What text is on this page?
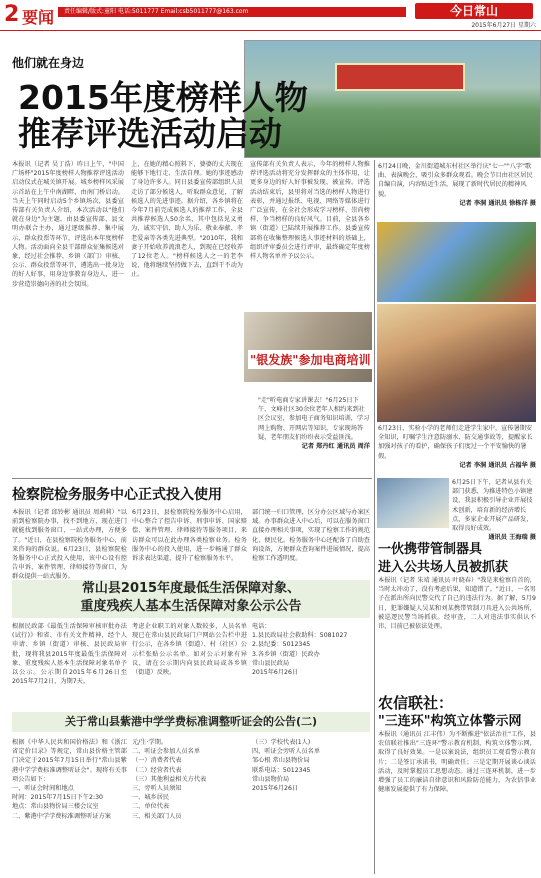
2 要闻 责任编辑/版式:童阳 电话:5011777 Email:csb5011777@163.com	今日常山
2015年6月27日 星期六
他们就在身边
2015年度榜样人物
推荐评选活动启动
本报讯（记者 吴丁浩）昨日上午，"中国广场杯"2015年度榜样人物推荐评选活动启动仪式在城关镇开展。城乡榜样风采展示首站在上午中南湖畔，由南门桥启动。当天上午同时启动5个乡镇场次，县委宣传部有关负责人介绍，本次活动以"他们就在身边"为主题，由县委宣传部、县文明办联合主办，通过逐级推荐、集中展示、群众投票等环节，评选出本年度榜样人物。活动面向全县干部群众征集候选对象，经过社会推荐、乡镇（部门）审核、公示、群众投票等环节，遴选出一批身边的好人好事，用身边事教育身边人，进一步营造崇德向善的社会氛围。
上，在她的精心照料下，婆婆的丈夫现在能够下地行走、生活自理。她的事迹感动了身边许多人。同日县委宣传部组织人员走访了部分候选人，听取群众意见，了解候选人的先进事迹。据介绍，各乡镇将在今年7月前完成候选人的推荐工作，全县共推荐候选人50余名，其中包括见义勇为、诚实守信、助人为乐、敬业奉献、孝老爱亲等各类先进典型。"2010年，我和妻子开始收养流浪老人，到现在已经收养了12位老人。"榜样候选人之一的老李说，他将继续坚持做下去，直到干不动为止。
宣传部有关负责人表示，今年的榜样人物推荐评选活动将充分发挥群众的主体作用，让更多身边的好人好事被发现、被宣传。评选活动结束后，县里将对当选的榜样人物进行表彰，并通过报纸、电视、网络等媒体进行广泛宣传，在全社会形成学习榜样、崇尚榜样、争当榜样的良好风气。目前，全县各乡镇（街道）已陆续开展推荐工作。县委宣传部将在收集整理候选人事迹材料的基础上，组织评审委员会进行评审，最终确定年度榜样人物名单并予以公示。
6月24日晚，金川街道城东村社区举行庆"七一""八字"歌曲、表演晚会，吸引众多群众观看。晚会节目由社区居民自编自演，内容贴近生活，展现了新时代居民的精神风貌。
记者 李洞 通讯员 徐栋洋 摄
"银发族"参加电商培训
"走"听电商专家讲课去！"6月25日下午，文峰社区30余位老年人相约来到社区会议室，参加电子商务知识培训，学习网上购物、开网店等知识，专家现场答疑，老年朋友们纷纷表示受益匪浅。
记者 郑丹红 通讯员 周洋
6月23日，实验小学的老师们走进学生家中，宣传暑期安全知识，叮嘱学生注意防溺水、防交通事故等，提醒家长加强对孩子的看护，确保孩子们度过一个平安愉快的暑假。
记者 李洞 通讯员 占福华 摄
6月25日下午，记者从县有关部门获悉，为推进特色小镇建设，我县积极引导企业开展技术创新，培育新的经济增长点，多家企业开展产品研发，取得良好成效。
通讯员 王海瑞 摄
检察院检务服务中心正式投入使用
本报讯（记者 邱铃彬 通讯员 周莉莉）"以前到检察院办事，找不到地方，现在进门就能找到服务窗口，一站式办理，方便多了。"近日，在县检察院检务服务中心，前来咨询的群众说。6月23日，县检察院检务服务中心正式投入使用，该中心设有控告申诉、案件管理、律师接待等窗口，为群众提供一站式服务。
6月23日，县检察院检务服务中心启用，中心整合了控告申诉、刑事申诉、国家赔偿、案件管理、律师接待等服务项目，来访群众可以在此办理各类检察业务。检务服务中心的投入使用，进一步畅通了群众诉求表达渠道，提升了检察服务水平。
部门统一归口管理，区分办公区域与办案区域。办事群众进入中心后，可以在服务窗口直接办理相关事项，实现了检察工作的规范化、便民化。检务服务中心还配备了自助查询设备，方便群众查询案件进展情况，提高检察工作透明度。
一伙携带管制器具
进入公共场人员被抓获
本报讯（记者 朱靖 通讯员 叶晓春）"我是来检察自首的，当时太冲动了，没有考虑后果，知道错了。"近日，一名男子在派出所向民警交代了自己的违法行为。据了解，5月9日，犯罪嫌疑人吴某和刘某携带管制刀具进入公共场所，被巡逻民警当场抓获。经审查，二人对违法事实供认不讳，目前已被依法处理。
常山县2015年度最低生活保障对象、
重度残疾人基本生活保障对象公示公告
根据民政部《最低生活保障审核审批办法(试行)》和省、市有关文件精神，经个人申请、乡镇（街道）审核、县民政局审批，现将我县2015年度最低生活保障对象、重度残疾人基本生活保障对象名单予以公示。公示期自2015年6月26日至2015年7月2日，为期7天。
考虑企业职工的对象人数较多，人员名单现已在常山县民政局门户网站公告栏中进行公示，在各乡镇（街道）、村（社区）公示栏张贴公示名单。如对公示对象有异议，请在公示期内向县民政局或各乡镇（街道）反映。
电话：
1.县民政局社会救助科：5081027
2.县纪委：5012345
3.各乡镇（街道）民政办
常山县民政局
2015年6月26日
农信联社：
"三连环"构筑立体警示网
本报讯（通讯员 江丰伟）为不断推进"依法治社"工作，县农信联社推出"三连环"警示教育机制，构筑立体警示网，取得了良好效果。一是以案说法，组织员工观看警示教育片；二是签订承诺书，明确责任；三是定期开展谈心谈话活动，及时掌握员工思想动态。通过三连环机制，进一步增强了员工的廉洁自律意识和风险防范能力，为农信事业健康发展提供了有力保障。
关于常山县紫港中学学费标准调整听证会的公告(二)
根据《中华人民共和国价格法》和《浙江省定价目录》等规定，常山县价格主管部门决定于2015年7月15日举行"常山县紫港中学学费标准调整听证会"。现将有关事项公告如下：
一、听证会时间和地点
时间：2015年7月15日下午2:30
地点：常山县物价局三楼会议室
二、紫港中学学费标准调整听证方案
元/生·学期。
二、听证会参加人员名单
（一）消费者代表
（二）经营者代表
（三）其他利益相关方代表
三、旁听人员须知
一、城乡居民
二、单位代表
三、相关部门人员
（三）学校代表(1人)
四、听证会旁听人员名单
邹心根 常山县物价局
联系电话：5012345
常山县物价局
2015年6月26日
